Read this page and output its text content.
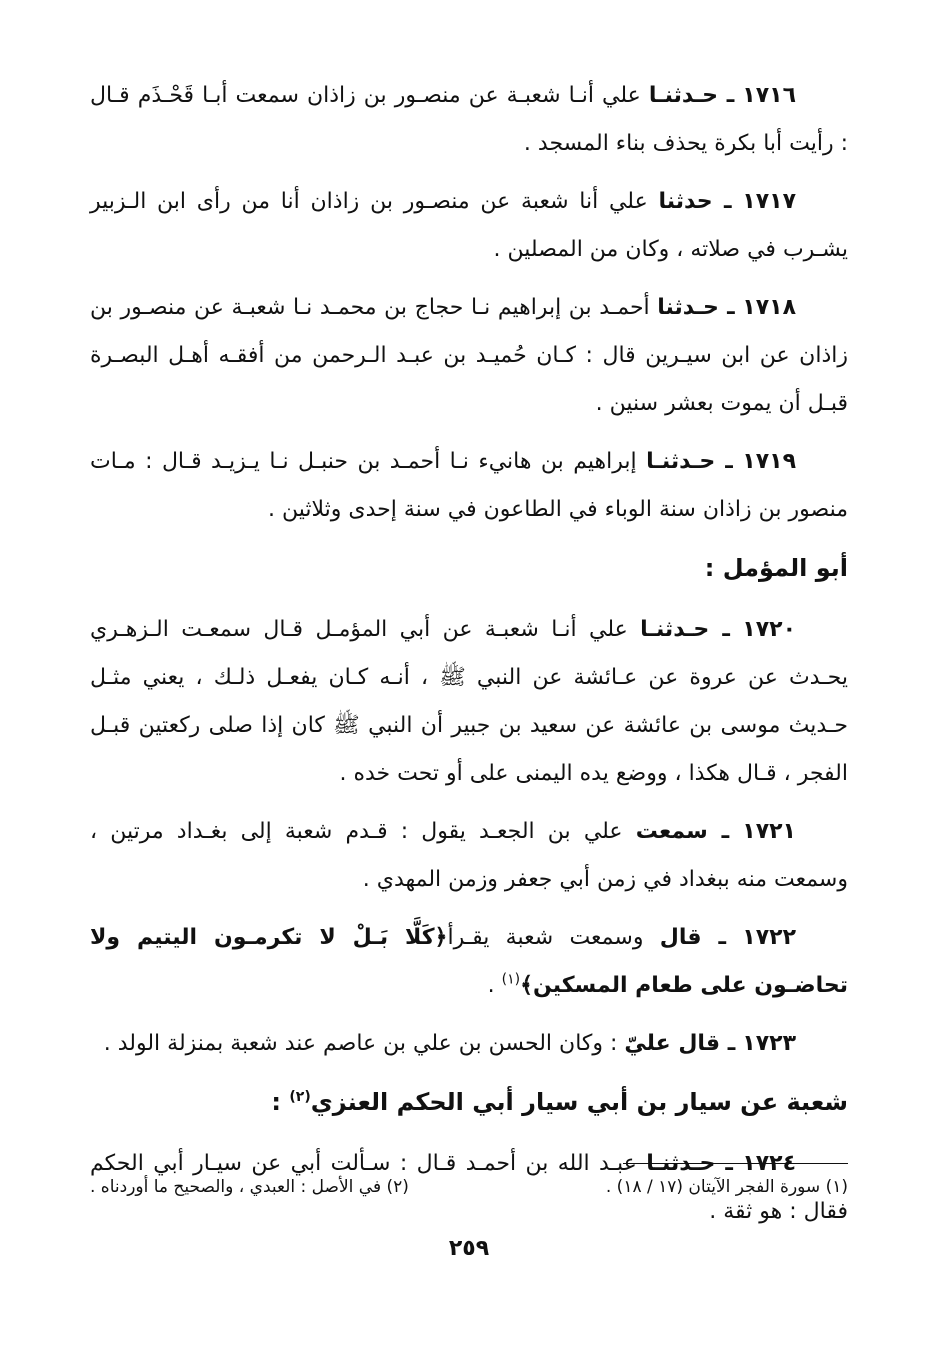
١٧١٦ ـ حـدثنـا علي أنـا شعبـة عن منصـور بن زاذان سمعت أبـا قَحْـذَم قـال : رأيت أبا بكرة يحذف بناء المسجد .

١٧١٧ ـ حدثنا علي أنا شعبة عن منصـور بن زاذان أنا من رأى ابن الـزبير يشـرب في صلاته ، وكان من المصلين .

١٧١٨ ـ حـدثنا أحمـد بن إبراهيم نـا حجاج بن محمـد نـا شعبـة عن منصـور بن زاذان عن ابن سيـرين قال : كـان حُميـد بن عبـد الـرحمن من أفقـه أهـل البصـرة قبـل أن يموت بعشر سنين .

١٧١٩ ـ حـدثنـا إبراهيم بن هانيء نـا أحمـد بن حنبـل نـا يـزيـد قـال : مـات منصور بن زاذان سنة الوباء في الطاعون في سنة إحدى وثلاثين .

أبو المؤمل :

١٧٢٠ ـ حـدثنـا علي أنـا شعبـة عن أبي المؤمـل قـال سمعـت الـزهـري يحـدث عن عروة عن عـائشة عن النبي ﷺ ، أنـه كـان يفعـل ذلـك ، يعني مثـل حـديث موسى بن عائشة عن سعيد بن جبير أن النبي ﷺ كان إذا صلى ركعتين قبـل الفجر ، قـال هكذا ، ووضع يده اليمنى على أو تحت خده .

١٧٢١ ـ سمعت علي بن الجعـد يقول : قـدم شعبة إلى بغـداد مرتين ، وسمعت منه ببغداد في زمن أبي جعفر وزمن المهدي .

١٧٢٢ ـ قال وسمعت شعبة يقـرأ﴿كَلَّا بَـلْ لا تكرمـون اليتيم ولا تحاضـون على طعام المسكين﴾$^{(١)}$ .

١٧٢٣ ـ قال عليّ : وكان الحسن بن علي بن عاصم عند شعبة بمنزلة الولد .

شعبة عن سيار بن أبي سيار أبي الحكم العنزي$^{(٢)}$ :

١٧٢٤ ـ حـدثنـا عبـد الله بن أحمـد قـال : سـألت أبي عن سيـار أبي الحكم فقال : هو ثقة .

(١) سورة الفجر الآيتان (١٧ / ١٨) .
(٢) في الأصل : العبدي ، والصحيح ما أوردناه .
٢٥٩
